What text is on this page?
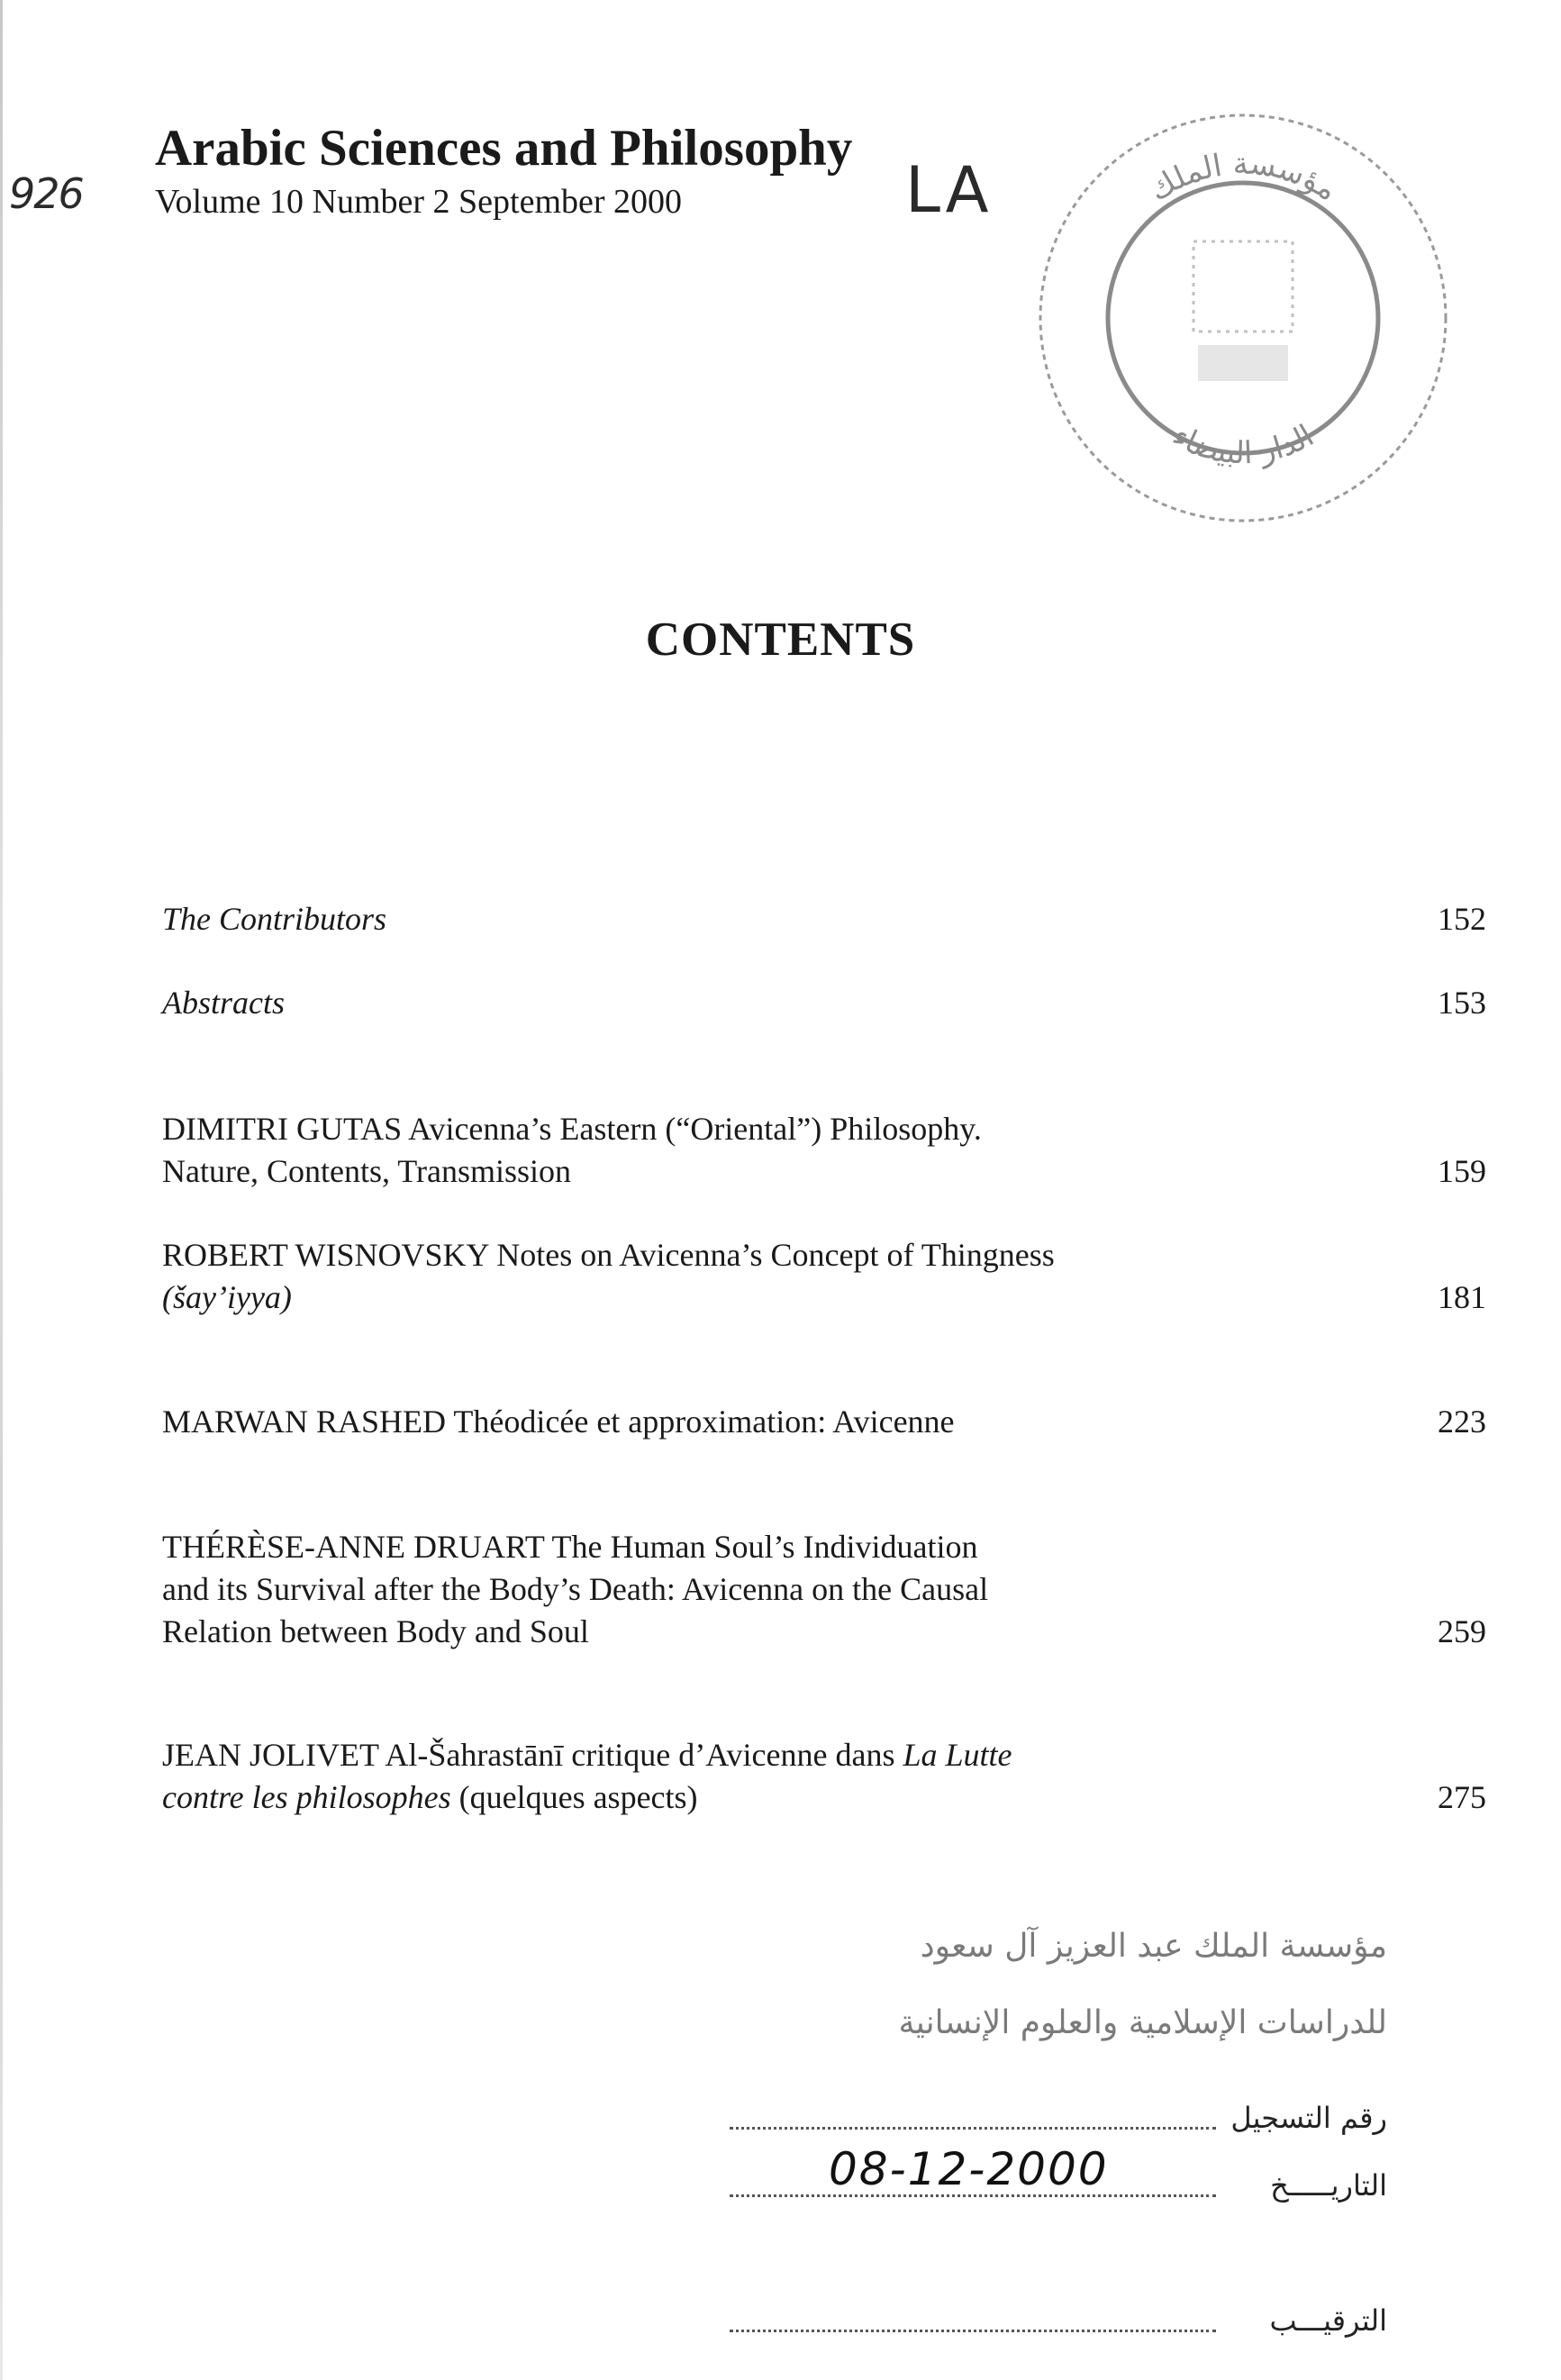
926
Arabic Sciences and Philosophy
Volume 10 Number 2 September 2000	LA	مؤسسة الملك
الدار البيضاء
CONTENTS
The Contributors	152
Abstracts	153
DIMITRI GUTAS Avicenna’s Eastern (“Oriental”) Philosophy.
Nature, Contents, Transmission	159
ROBERT WISNOVSKY Notes on Avicenna’s Concept of Thingness
(šay’iyya)	181
MARWAN RASHED Théodicée et approximation: Avicenne	223
THÉRÈSE-ANNE DRUART The Human Soul’s Individuation
and its Survival after the Body’s Death: Avicenna on the Causal
Relation between Body and Soul	259
JEAN JOLIVET Al-Šahrastānī critique d’Avicenne dans La Lutte
contre les philosophes (quelques aspects)	275
مؤسسة الملك عبد العزيز آل سعود
للدراسات الإسلامية والعلوم الإنسانية
رقم التسجيل
08-12-2000	التاريـــــخ
الترقيـــب
